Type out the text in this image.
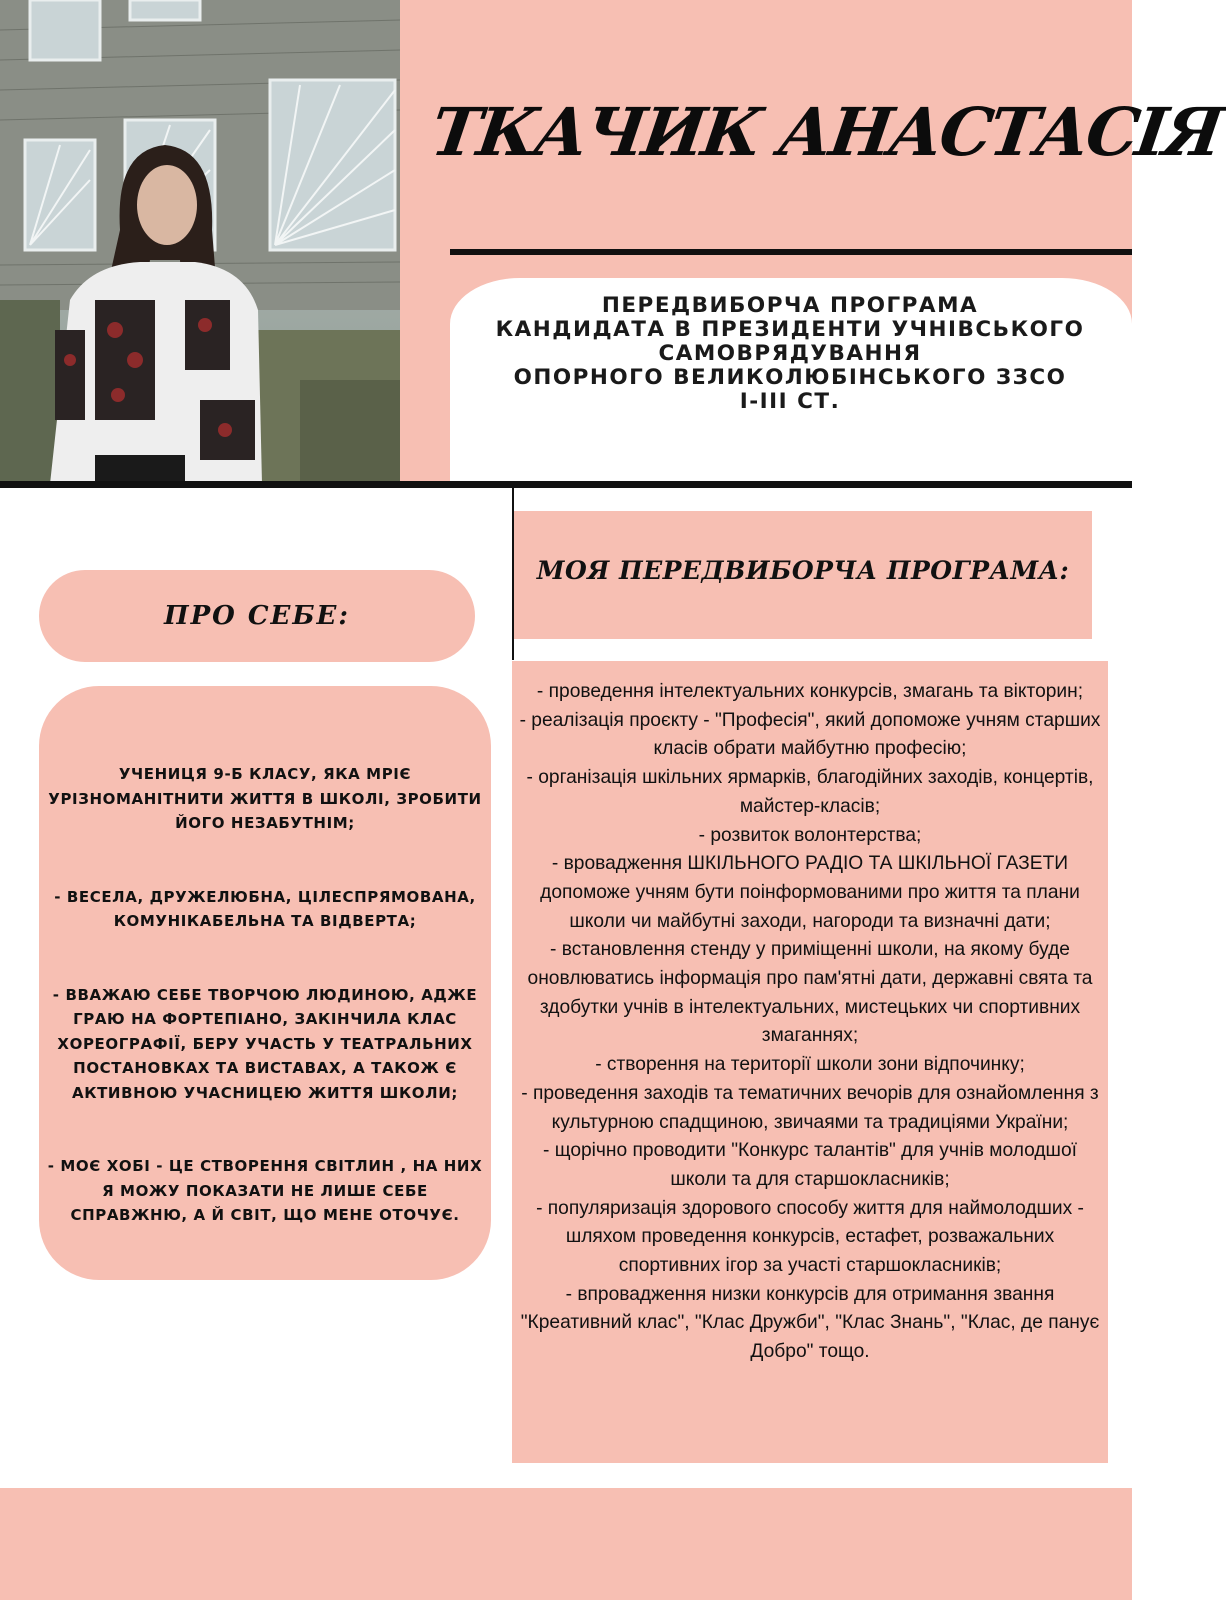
ТКАЧИК АНАСТАСІЯ
ПЕРЕДВИБОРЧА ПРОГРАМА
КАНДИДАТА В ПРЕЗИДЕНТИ УЧНІВСЬКОГО
САМОВРЯДУВАННЯ
ОПОРНОГО ВЕЛИКОЛЮБІНСЬКОГО ЗЗСО
І-ІІІ СТ.
ПРО СЕБЕ:

УЧЕНИЦЯ 9-Б КЛАСУ, ЯКА МРІЄ УРІЗНОМАНІТНИТИ ЖИТТЯ В ШКОЛІ, ЗРОБИТИ ЙОГО НЕЗАБУТНІМ;

- ВЕСЕЛА, ДРУЖЕЛЮБНА, ЦІЛЕСПРЯМОВАНА, КОМУНІКАБЕЛЬНА ТА ВІДВЕРТА;

- ВВАЖАЮ СЕБЕ ТВОРЧОЮ ЛЮДИНОЮ, АДЖЕ ГРАЮ НА ФОРТЕПІАНО, ЗАКІНЧИЛА КЛАС ХОРЕОГРАФІЇ, БЕРУ УЧАСТЬ У ТЕАТРАЛЬНИХ ПОСТАНОВКАХ ТА ВИСТАВАХ, А ТАКОЖ Є АКТИВНОЮ УЧАСНИЦЕЮ ЖИТТЯ ШКОЛИ;

- МОЄ ХОБІ - ЦЕ СТВОРЕННЯ СВІТЛИН , НА НИХ Я МОЖУ ПОКАЗАТИ НЕ ЛИШЕ СЕБЕ СПРАВЖНЮ, А Й СВІТ, ЩО МЕНЕ ОТОЧУЄ.

МОЯ ПЕРЕДВИБОРЧА ПРОГРАМА:
- проведення інтелектуальних конкурсів, змагань та вікторин;
- реалізація проєкту - "Професія", який допоможе учням старших класів обрати майбутню професію;
- організація шкільних ярмарків, благодійних заходів, концертів, майстер-класів;
- розвиток волонтерства;
- вровадження ШКІЛЬНОГО РАДІО ТА ШКІЛЬНОЇ ГАЗЕТИ допоможе учням бути поінформованими про життя та плани школи чи майбутні заходи, нагороди та визначні дати;
- встановлення стенду у приміщенні школи, на якому буде оновлюватись інформація про пам'ятні дати, державні свята та здобутки учнів в інтелектуальних, мистецьких чи спортивних змаганнях;
- створення на території школи зони відпочинку;
- проведення заходів та тематичних вечорів для ознайомлення з культурною спадщиною, звичаями та традиціями України;
- щорічно проводити "Конкурс талантів" для учнів молодшої школи та для старшокласників;
- популяризація здорового способу життя для наймолодших - шляхом проведення конкурсів, естафет, розважальних спортивних ігор за участі старшокласників;
- впровадження низки конкурсів для отримання звання "Креативний клас", "Клас Дружби", "Клас Знань", "Клас, де панує Добро" тощо.
